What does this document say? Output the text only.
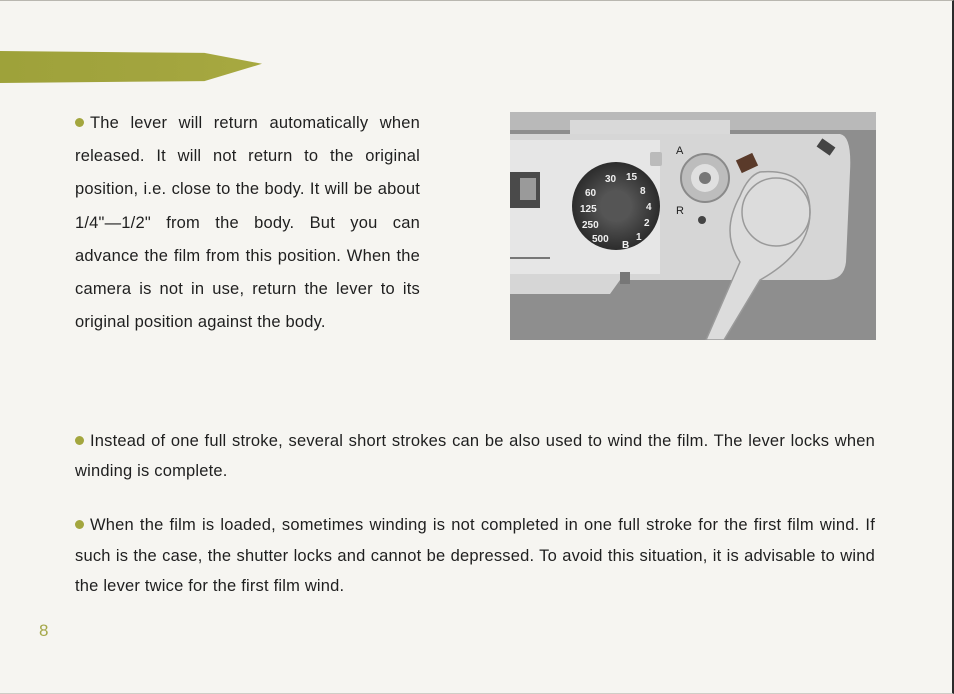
The lever will return automatically when released. It will not return to the original position, i.e. close to the body. It will be about 1/4"—1/2" from the body. But you can advance the film from this position. When the camera is not in use, return the lever to its original position against the body.

30
60
125
250
500
15
8
4
2
1
B
A
R

Instead of one full stroke, several short strokes can be also used to wind the film. The lever locks when winding is complete.

When the film is loaded, sometimes winding is not completed in one full stroke for the first film wind. If such is the case, the shutter locks and cannot be depressed. To avoid this situation, it is advisable to wind the lever twice for the first film wind.

8
